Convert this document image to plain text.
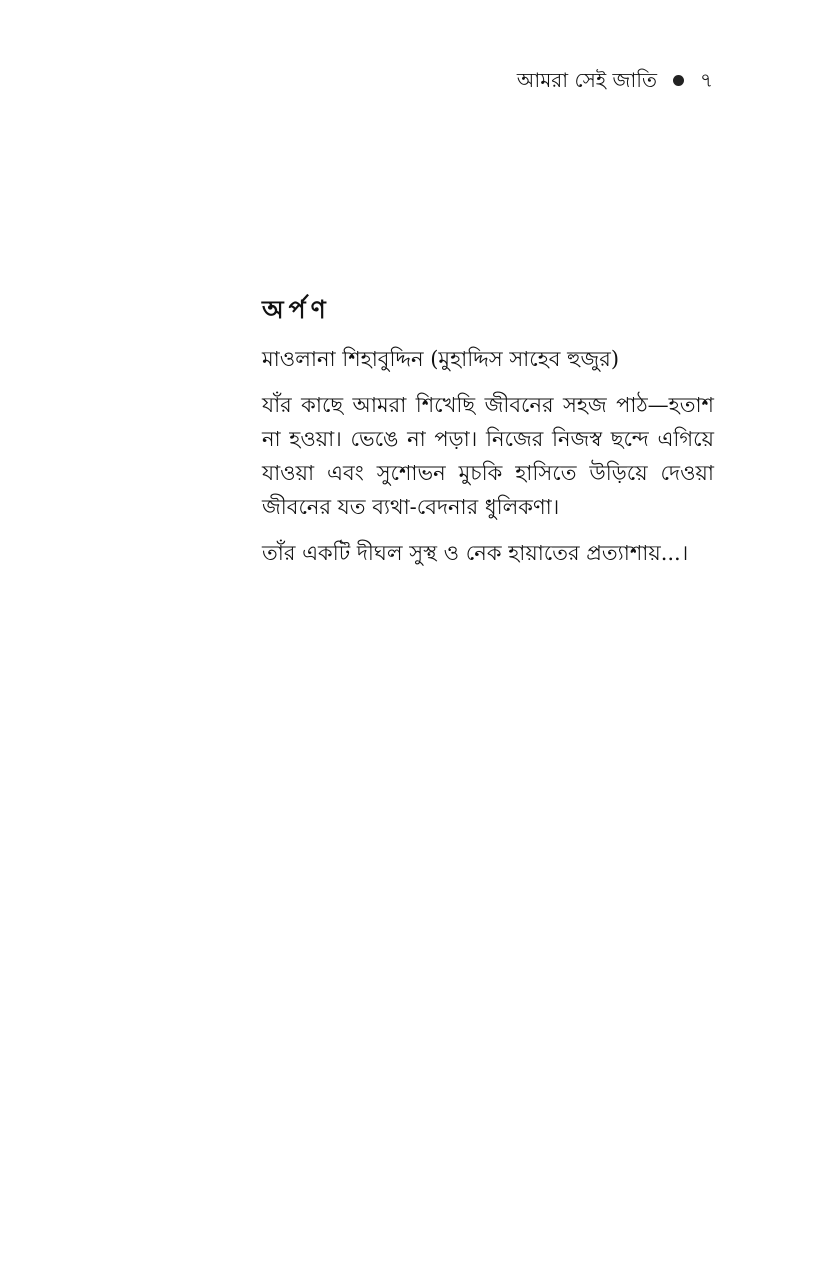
আমরা সেই জাতি ৭
অর্পণ

মাওলানা শিহাবুদ্দিন (মুহাদ্দিস সাহেব হুজুর)

যাঁর কাছে আমরা শিখেছি জীবনের সহজ পাঠ—হতাশ না হওয়া। ভেঙে না পড়া। নিজের নিজস্ব ছন্দে এগিয়ে যাওয়া এবং সুশোভন মুচকি হাসিতে উড়িয়ে দেওয়া জীবনের যত ব্যথা-বেদনার ধুলিকণা।

তাঁর একটি দীঘল সুস্থ ও নেক হায়াতের প্রত্যাশায়...।
